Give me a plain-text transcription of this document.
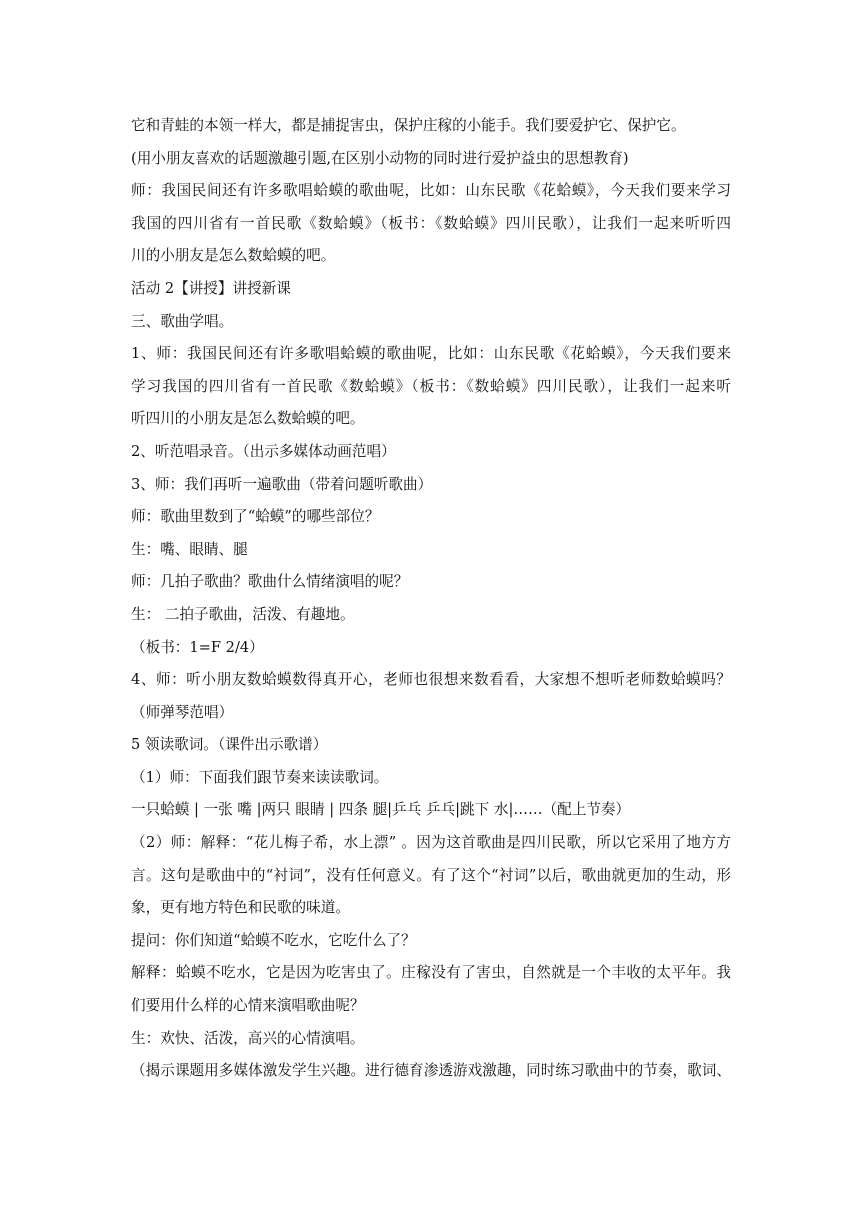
它和青蛙的本领一样大，都是捕捉害虫，保护庄稼的小能手。我们要爱护它、保护它。
(用小朋友喜欢的话题激趣引题,在区别小动物的同时进行爱护益虫的思想教育)
师：我国民间还有许多歌唱蛤蟆的歌曲呢，比如：山东民歌《花蛤蟆》，今天我们要来学习
我国的四川省有一首民歌《数蛤蟆》（板书：《数蛤蟆》四川民歌），让我们一起来听听四
川的小朋友是怎么数蛤蟆的吧。
活动 2【讲授】讲授新课
三、歌曲学唱。
1、师：我国民间还有许多歌唱蛤蟆的歌曲呢，比如：山东民歌《花蛤蟆》，今天我们要来
学习我国的四川省有一首民歌《数蛤蟆》（板书：《数蛤蟆》四川民歌），让我们一起来听
听四川的小朋友是怎么数蛤蟆的吧。
2、听范唱录音。（出示多媒体动画范唱）
3、师：我们再听一遍歌曲（带着问题听歌曲）
师：歌曲里数到了“蛤蟆”的哪些部位？
生：嘴、眼睛、腿
师：几拍子歌曲？歌曲什么情绪演唱的呢？
生： 二拍子歌曲，活泼、有趣地。
（板书：1=F 2/4）
4、师：听小朋友数蛤蟆数得真开心，老师也很想来数看看，大家想不想听老师数蛤蟆吗？
（师弹琴范唱）
5 领读歌词。（课件出示歌谱）
（1）师：下面我们跟节奏来读读歌词。
一只蛤蟆 | 一张 嘴 |两只 眼睛 | 四条 腿|乒乓 乒乓|跳下 水|……（配上节奏）
（2）师：解释：“花儿梅子希，水上漂” 。因为这首歌曲是四川民歌，所以它采用了地方方
言。这句是歌曲中的“衬词”，没有任何意义。有了这个“衬词”以后，歌曲就更加的生动，形
象，更有地方特色和民歌的味道。
提问：你们知道“蛤蟆不吃水，它吃什么了？
解释：蛤蟆不吃水，它是因为吃害虫了。庄稼没有了害虫，自然就是一个丰收的太平年。我
们要用什么样的心情来演唱歌曲呢？
生：欢快、活泼，高兴的心情演唱。
（揭示课题用多媒体激发学生兴趣。进行德育渗透游戏激趣，同时练习歌曲中的节奏，歌词、
